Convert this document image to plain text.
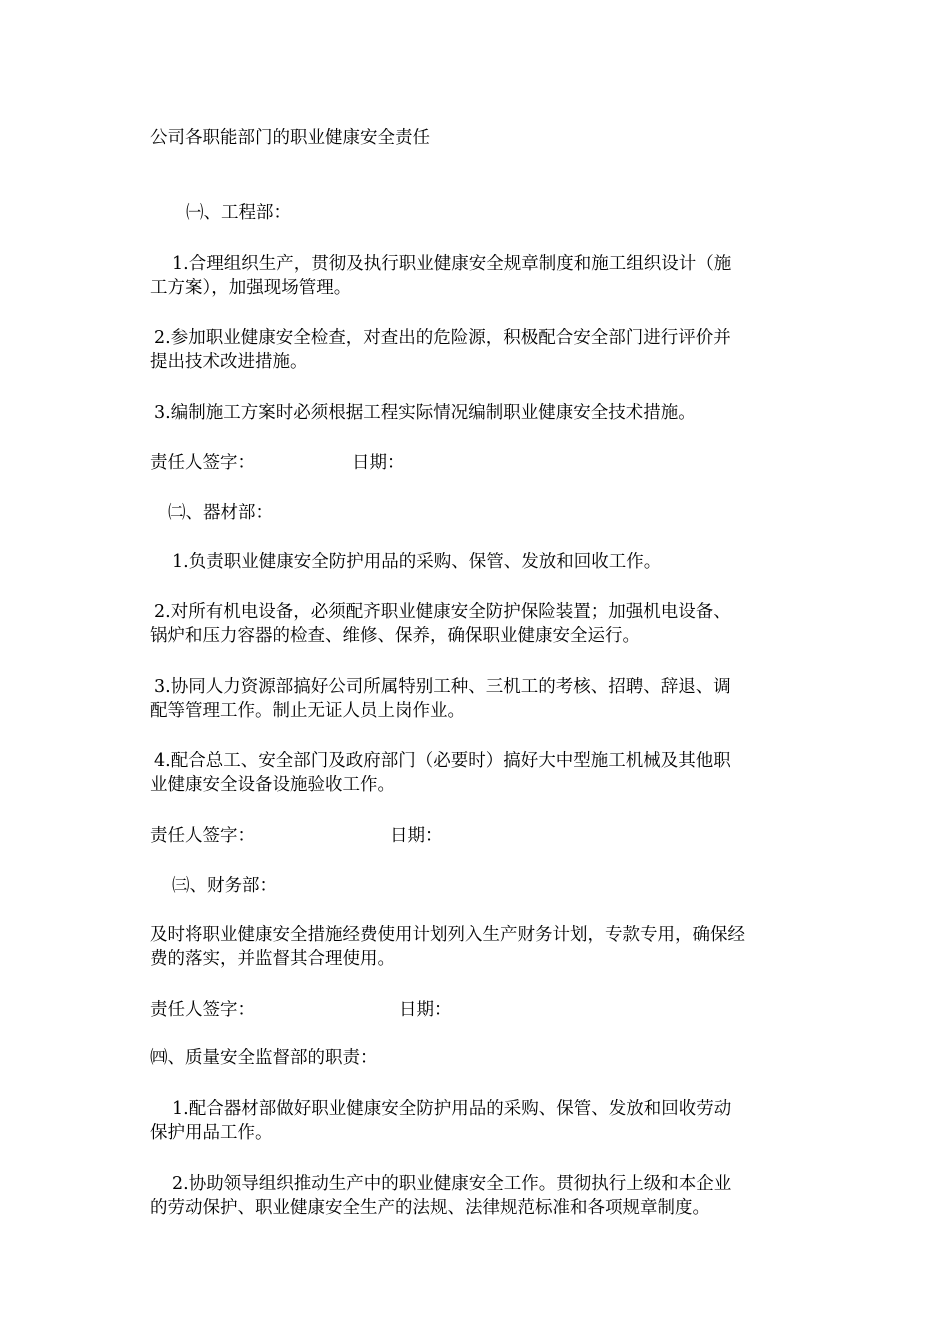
公司各职能部门的职业健康安全责任

㈠、工程部：

1.合理组织生产，贯彻及执行职业健康安全规章制度和施工组织设计（施

工方案），加强现场管理。

2.参加职业健康安全检查，对查出的危险源，积极配合安全部门进行评价并

提出技术改进措施。

3.编制施工方案时必须根据工程实际情况编制职业健康安全技术措施。

责任人签字：	日期：

㈡、器材部：

1.负责职业健康安全防护用品的采购、保管、发放和回收工作。

2.对所有机电设备，必须配齐职业健康安全防护保险装置；加强机电设备、

锅炉和压力容器的检查、维修、保养，确保职业健康安全运行。

3.协同人力资源部搞好公司所属特别工种、三机工的考核、招聘、辞退、调

配等管理工作。制止无证人员上岗作业。

4.配合总工、安全部门及政府部门（必要时）搞好大中型施工机械及其他职

业健康安全设备设施验收工作。

责任人签字：	日期：

㈢、财务部：

及时将职业健康安全措施经费使用计划列入生产财务计划，专款专用，确保经

费的落实，并监督其合理使用。

责任人签字：	日期：

㈣、质量安全监督部的职责：

1.配合器材部做好职业健康安全防护用品的采购、保管、发放和回收劳动

保护用品工作。

2.协助领导组织推动生产中的职业健康安全工作。贯彻执行上级和本企业

的劳动保护、职业健康安全生产的法规、法律规范标准和各项规章制度。
